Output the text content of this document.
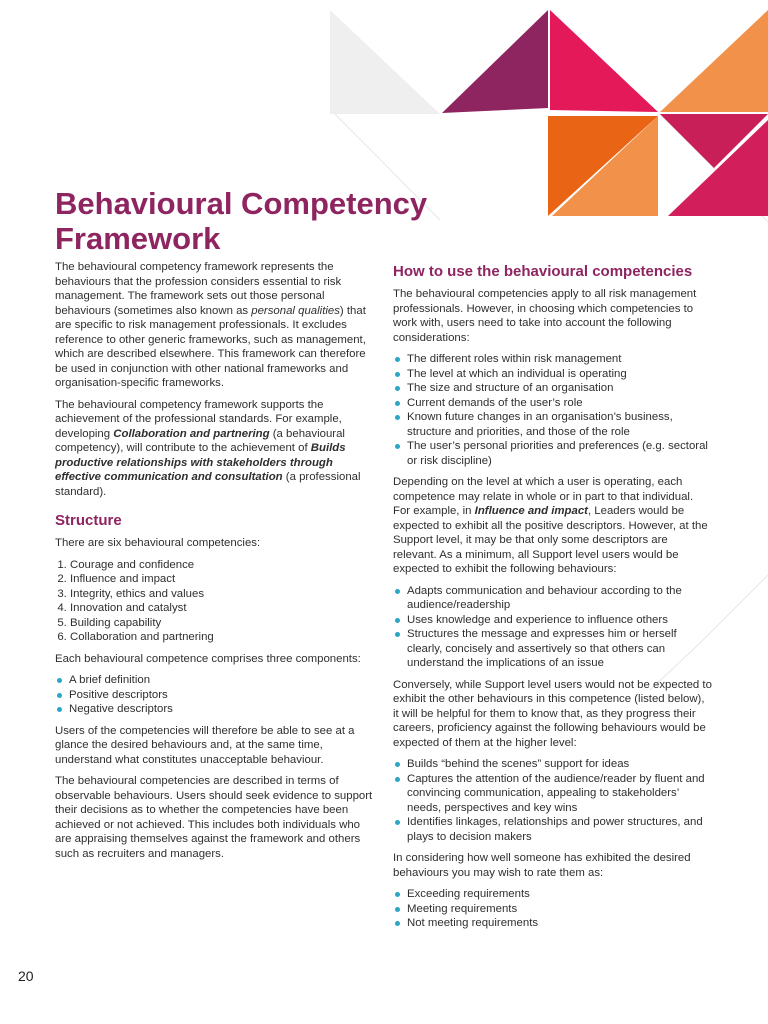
Behavioural Competency
Framework

The behavioural competency framework represents the behaviours that the profession considers essential to risk management. The framework sets out those personal behaviours (sometimes also known as personal qualities) that are specific to risk management professionals. It excludes reference to other generic frameworks, such as management, which are described elsewhere. This framework can therefore be used in conjunction with other national frameworks and organisation-specific frameworks.

The behavioural competency framework supports the achievement of the professional standards. For example, developing Collaboration and partnering (a behavioural competency), will contribute to the achievement of Builds productive relationships with stakeholders through effective communication and consultation (a professional standard).

Structure

There are six behavioural competencies:

1. Courage and confidence
2. Influence and impact
3. Integrity, ethics and values
4. Innovation and catalyst
5. Building capability
6. Collaboration and partnering

Each behavioural competence comprises three components:

A brief definition
Positive descriptors
Negative descriptors

Users of the competencies will therefore be able to see at a glance the desired behaviours and, at the same time, understand what constitutes unacceptable behaviour.

The behavioural competencies are described in terms of observable behaviours. Users should seek evidence to support their decisions as to whether the competencies have been achieved or not achieved. This includes both individuals who are appraising themselves against the framework and others such as recruiters and managers.

How to use the behavioural competencies

The behavioural competencies apply to all risk management professionals. However, in choosing which competencies to work with, users need to take into account the following considerations:

The different roles within risk management
The level at which an individual is operating
The size and structure of an organisation
Current demands of the user’s role
Known future changes in an organisation’s business, structure and priorities, and those of the role
The user’s personal priorities and preferences (e.g. sectoral or risk discipline)

Depending on the level at which a user is operating, each competence may relate in whole or in part to that individual. For example, in Influence and impact, Leaders would be expected to exhibit all the positive descriptors. However, at the Support level, it may be that only some descriptors are relevant. As a minimum, all Support level users would be expected to exhibit the following behaviours:

Adapts communication and behaviour according to the audience/readership
Uses knowledge and experience to influence others
Structures the message and expresses him or herself clearly, concisely and assertively so that others can understand the implications of an issue

Conversely, while Support level users would not be expected to exhibit the other behaviours in this competence (listed below), it will be helpful for them to know that, as they progress their careers, proficiency against the following behaviours would be expected of them at the higher level:

Builds “behind the scenes” support for ideas
Captures the attention of the audience/reader by fluent and convincing communication, appealing to stakeholders’ needs, perspectives and key wins
Identifies linkages, relationships and power structures, and plays to decision makers

In considering how well someone has exhibited the desired behaviours you may wish to rate them as:

Exceeding requirements
Meeting requirements
Not meeting requirements
20
